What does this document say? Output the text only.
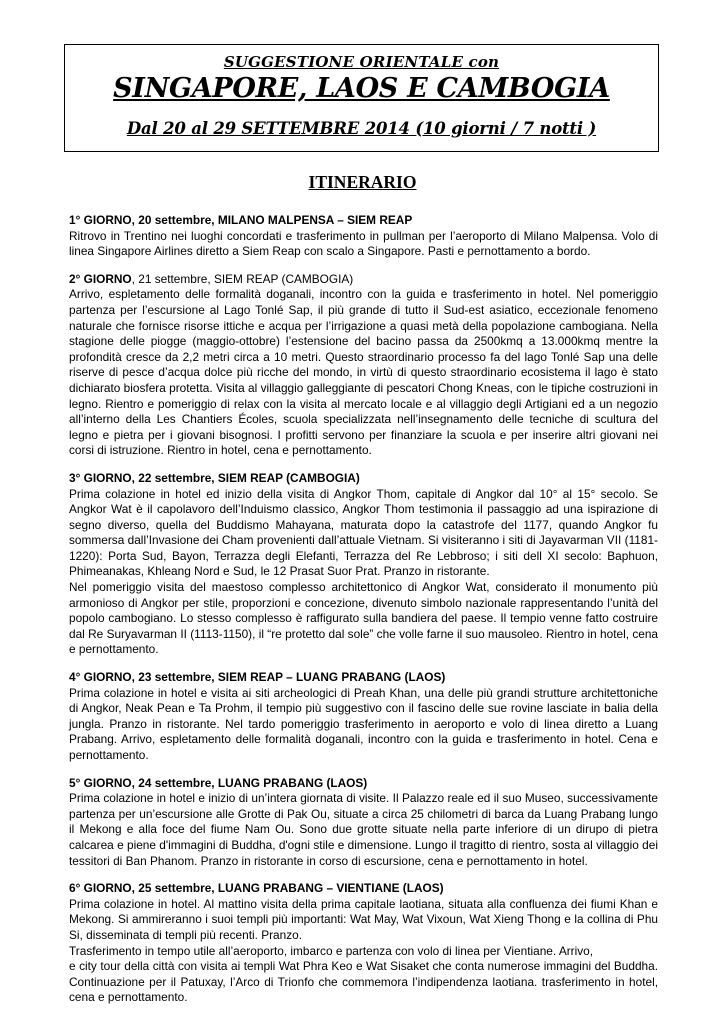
SUGGESTIONE ORIENTALE con
SINGAPORE, LAOS E CAMBOGIA
Dal 20 al 29 SETTEMBRE 2014 (10 giorni / 7 notti )
ITINERARIO
1° GIORNO, 20 settembre, MILANO MALPENSA – SIEM REAP
Ritrovo in Trentino nei luoghi concordati e trasferimento in pullman per l’aeroporto di Milano Malpensa. Volo di linea Singapore Airlines diretto a Siem Reap con scalo a Singapore. Pasti e pernottamento a bordo.
2° GIORNO, 21 settembre, SIEM REAP (CAMBOGIA)
Arrivo, espletamento delle formalità doganali, incontro con la guida e trasferimento in hotel. Nel pomeriggio partenza per l’escursione al Lago Tonlé Sap, il più grande di tutto il Sud-est asiatico, eccezionale fenomeno naturale che fornisce risorse ittiche e acqua per l’irrigazione a quasi metà della popolazione cambogiana. Nella stagione delle piogge (maggio-ottobre) l’estensione del bacino passa da 2500kmq a 13.000kmq mentre la profondità cresce da 2,2 metri circa a 10 metri. Questo straordinario processo fa del lago Tonlé Sap una delle riserve di pesce d’acqua dolce più ricche del mondo, in virtù di questo straordinario ecosistema il lago è stato dichiarato biosfera protetta. Visita al villaggio galleggiante di pescatori Chong Kneas, con le tipiche costruzioni in legno. Rientro e pomeriggio di relax con la visita al mercato locale e al villaggio degli Artigiani ed a un negozio all’interno della Les Chantiers Écoles, scuola specializzata nell’insegnamento delle tecniche di scultura del legno e pietra per i giovani bisognosi. I profitti servono per finanziare la scuola e per inserire altri giovani nei corsi di istruzione. Rientro in hotel, cena e pernottamento.
3° GIORNO, 22 settembre, SIEM REAP (CAMBOGIA)
Prima colazione in hotel ed inizio della visita di Angkor Thom, capitale di Angkor dal 10° al 15° secolo. Se Angkor Wat è il capolavoro dell’Induismo classico, Angkor Thom testimonia il passaggio ad una ispirazione di segno diverso, quella del Buddismo Mahayana, maturata dopo la catastrofe del 1177, quando Angkor fu sommersa dall’Invasione dei Cham provenienti dall’attuale Vietnam. Si visiteranno i siti di Jayavarman VII (1181-1220): Porta Sud, Bayon, Terrazza degli Elefanti, Terrazza del Re Lebbroso; i siti dell XI secolo: Baphuon, Phimeanakas, Khleang Nord e Sud, le 12 Prasat Suor Prat. Pranzo in ristorante.
Nel pomeriggio visita del maestoso complesso architettonico di Angkor Wat, considerato il monumento più armonioso di Angkor per stile, proporzioni e concezione, divenuto simbolo nazionale rappresentando l’unità del popolo cambogiano. Lo stesso complesso è raffigurato sulla bandiera del paese. Il tempio venne fatto costruire dal Re Suryavarman II (1113-1150), il “re protetto dal sole” che volle farne il suo mausoleo. Rientro in hotel, cena e pernottamento.
4° GIORNO, 23 settembre, SIEM REAP – LUANG PRABANG (LAOS)
Prima colazione in hotel e visita ai siti archeologici di Preah Khan, una delle più grandi strutture architettoniche di Angkor, Neak Pean e Ta Prohm, il tempio più suggestivo con il fascino delle sue rovine lasciate in balia della jungla. Pranzo in ristorante. Nel tardo pomeriggio trasferimento in aeroporto e volo di linea diretto a Luang Prabang. Arrivo, espletamento delle formalità doganali, incontro con la guida e trasferimento in hotel. Cena e pernottamento.
5° GIORNO, 24 settembre, LUANG PRABANG (LAOS)
Prima colazione in hotel e inizio di un’intera giornata di visite. Il Palazzo reale ed il suo Museo, successivamente partenza per un’escursione alle Grotte di Pak Ou, situate a circa 25 chilometri di barca da Luang Prabang lungo il Mekong e alla foce del fiume Nam Ou. Sono due grotte situate nella parte inferiore di un dirupo di pietra calcarea e piene d'immagini di Buddha, d'ogni stile e dimensione. Lungo il tragitto di rientro, sosta al villaggio dei tessitori di Ban Phanom. Pranzo in ristorante in corso di escursione, cena e pernottamento in hotel.
6° GIORNO, 25 settembre, LUANG PRABANG – VIENTIANE (LAOS)
Prima colazione in hotel. Al mattino visita della prima capitale laotiana, situata alla confluenza dei fiumi Khan e Mekong. Si ammireranno i suoi templi più importanti: Wat May, Wat Vixoun, Wat Xieng Thong e la collina di Phu Si, disseminata di templi più recenti. Pranzo.
Trasferimento in tempo utile all’aeroporto, imbarco e partenza con volo di linea per Vientiane. Arrivo,
e city tour della città con visita ai templi Wat Phra Keo e Wat Sisaket che conta numerose immagini del Buddha. Continuazione per il Patuxay, l’Arco di Trionfo che commemora l’indipendenza laotiana. trasferimento in hotel, cena e pernottamento.
